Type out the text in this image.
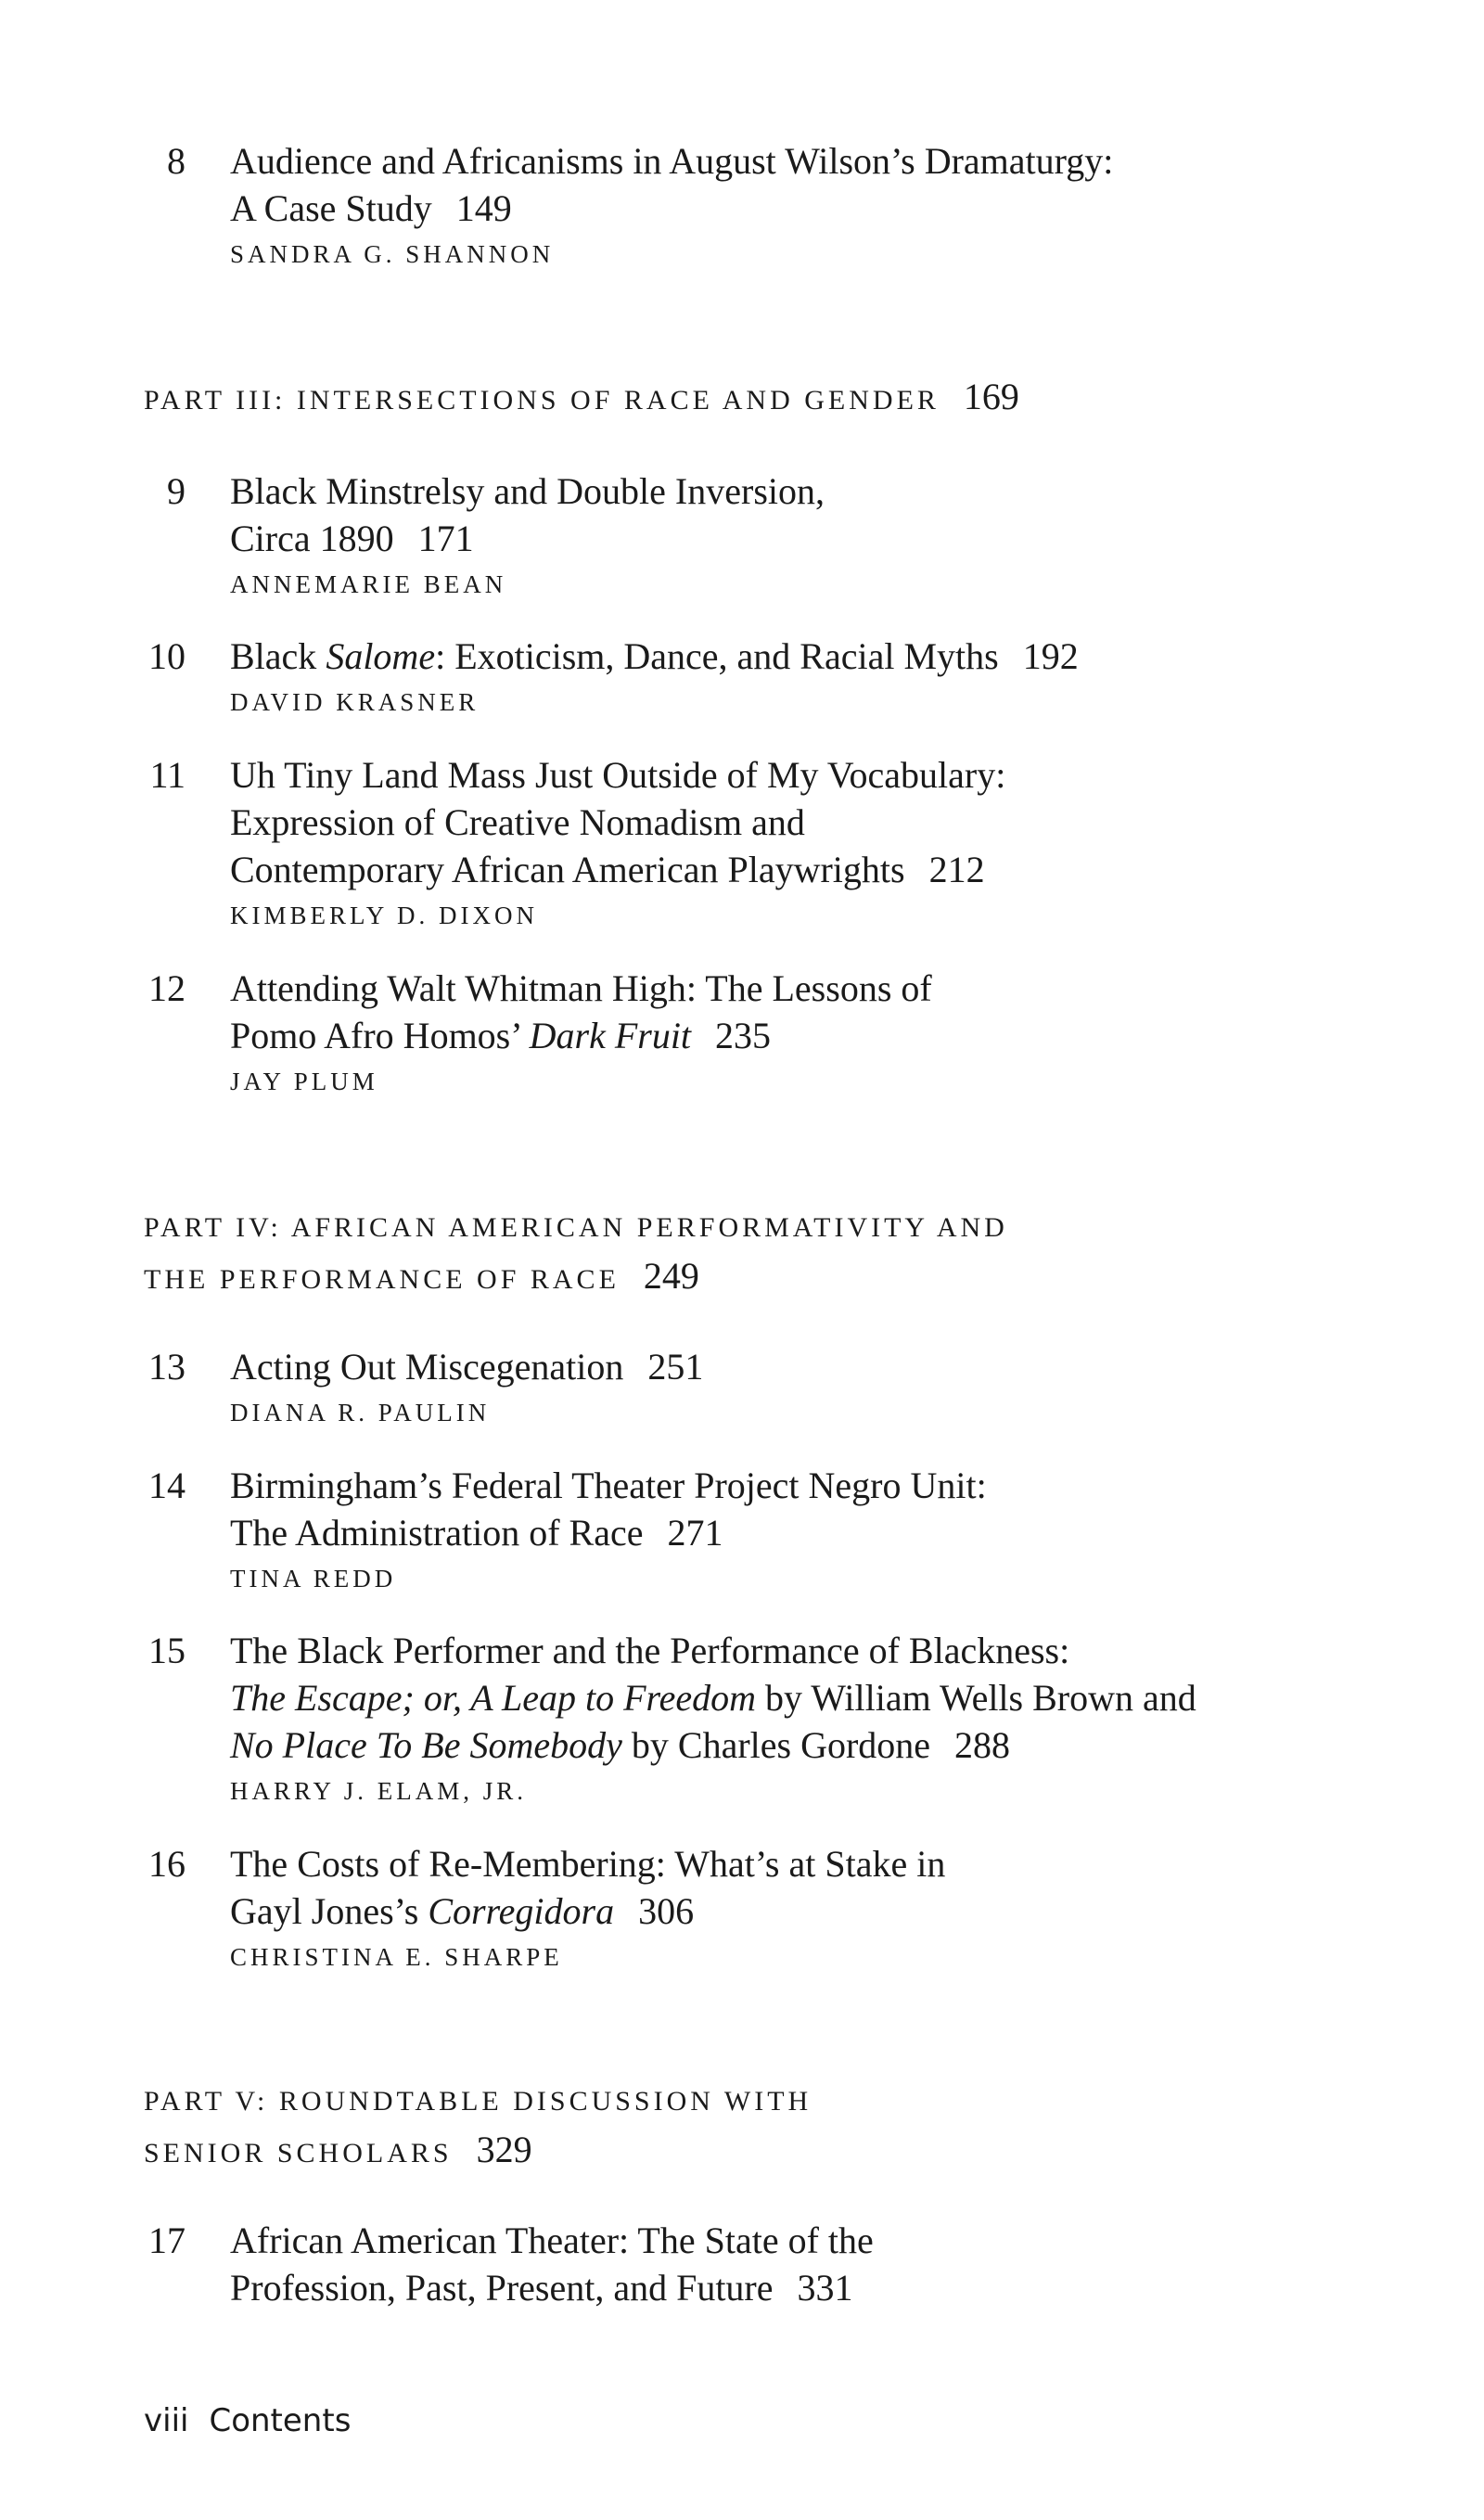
8 Audience and Africanisms in August Wilson’s Dramaturgy:
A Case Study 149
SANDRA G. SHANNON
PART III: INTERSECTIONS OF RACE AND GENDER 169
9 Black Minstrelsy and Double Inversion,
Circa 1890 171
ANNEMARIE BEAN
10 Black Salome: Exoticism, Dance, and Racial Myths 192
DAVID KRASNER
11 Uh Tiny Land Mass Just Outside of My Vocabulary:
Expression of Creative Nomadism and
Contemporary African American Playwrights 212
KIMBERLY D. DIXON
12 Attending Walt Whitman High: The Lessons of
Pomo Afro Homos’ Dark Fruit 235
JAY PLUM
PART IV: AFRICAN AMERICAN PERFORMATIVITY AND
THE PERFORMANCE OF RACE 249
13 Acting Out Miscegenation 251
DIANA R. PAULIN
14 Birmingham’s Federal Theater Project Negro Unit:
The Administration of Race 271
TINA REDD
15 The Black Performer and the Performance of Blackness:
The Escape; or, A Leap to Freedom by William Wells Brown and
No Place To Be Somebody by Charles Gordone 288
HARRY J. ELAM, JR.
16 The Costs of Re-Membering: What’s at Stake in
Gayl Jones’s Corregidora 306
CHRISTINA E. SHARPE
PART V: ROUNDTABLE DISCUSSION WITH
SENIOR SCHOLARS 329
17 African American Theater: The State of the
Profession, Past, Present, and Future 331
viii Contents
